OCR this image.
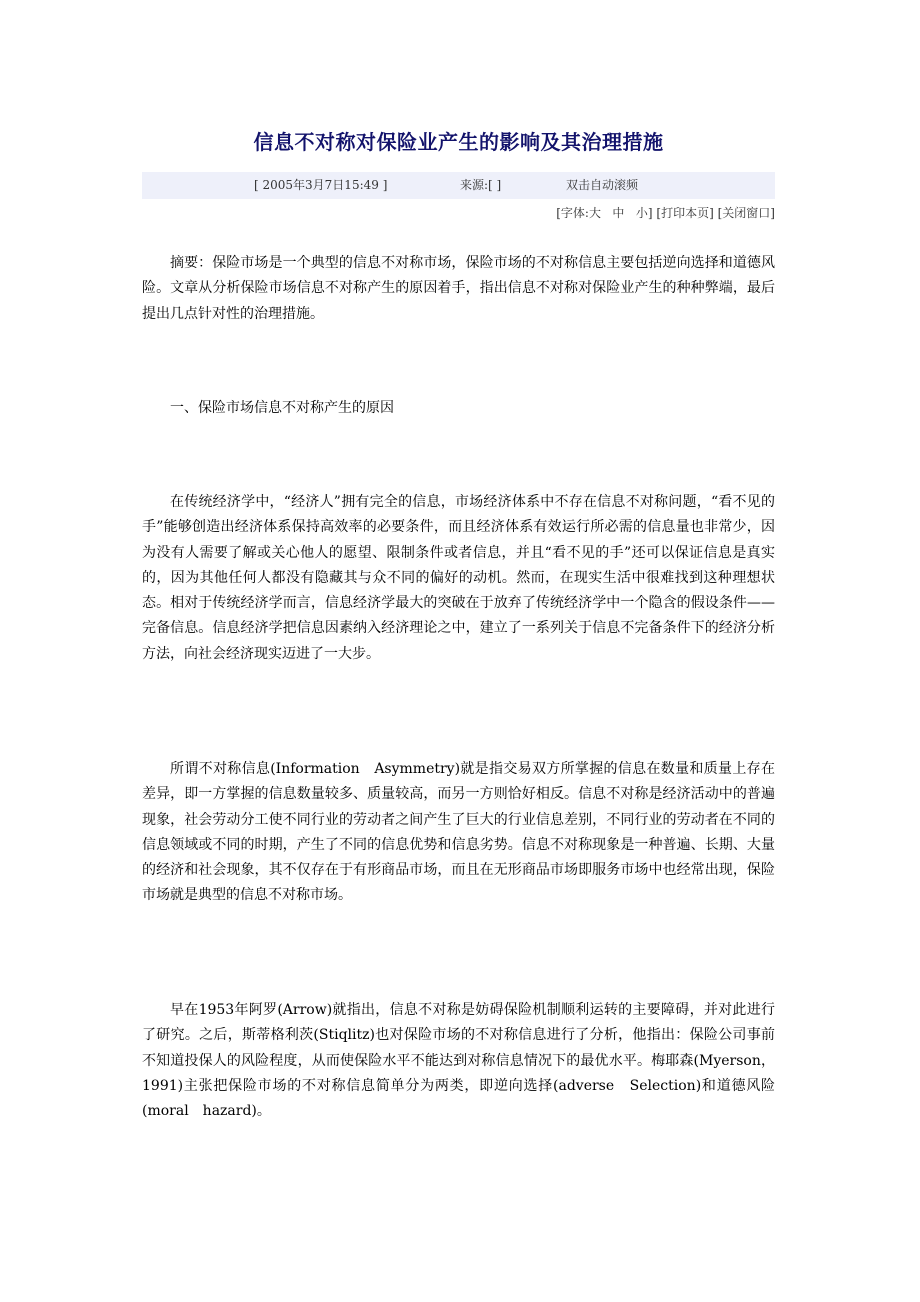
信息不对称对保险业产生的影响及其治理措施
[ 2005年3月7日15:49 ]	来源:[ ]	双击自动滚频
[字体:大 中 小] [打印本页] [关闭窗口]

摘要：保险市场是一个典型的信息不对称市场，保险市场的不对称信息主要包括逆向选择和道德风险。文章从分析保险市场信息不对称产生的原因着手，指出信息不对称对保险业产生的种种弊端，最后提出几点针对性的治理措施。

一、保险市场信息不对称产生的原因

在传统经济学中，“经济人”拥有完全的信息，市场经济体系中不存在信息不对称问题，“看不见的手”能够创造出经济体系保持高效率的必要条件，而且经济体系有效运行所必需的信息量也非常少，因为没有人需要了解或关心他人的愿望、限制条件或者信息，并且“看不见的手”还可以保证信息是真实的，因为其他任何人都没有隐藏其与众不同的偏好的动机。然而，在现实生活中很难找到这种理想状态。相对于传统经济学而言，信息经济学最大的突破在于放弃了传统经济学中一个隐含的假设条件——完备信息。信息经济学把信息因素纳入经济理论之中，建立了一系列关于信息不完备条件下的经济分析方法，向社会经济现实迈进了一大步。

所谓不对称信息(Information　Asymmetry)就是指交易双方所掌握的信息在数量和质量上存在差异，即一方掌握的信息数量较多、质量较高，而另一方则恰好相反。信息不对称是经济活动中的普遍现象，社会劳动分工使不同行业的劳动者之间产生了巨大的行业信息差别，不同行业的劳动者在不同的信息领域或不同的时期，产生了不同的信息优势和信息劣势。信息不对称现象是一种普遍、长期、大量的经济和社会现象，其不仅存在于有形商品市场，而且在无形商品市场即服务市场中也经常出现，保险市场就是典型的信息不对称市场。

早在1953年阿罗(Arrow)就指出，信息不对称是妨碍保险机制顺利运转的主要障碍，并对此进行了研究。之后，斯蒂格利茨(Stiqlitz)也对保险市场的不对称信息进行了分析，他指出：保险公司事前不知道投保人的风险程度，从而使保险水平不能达到对称信息情况下的最优水平。梅耶森(Myerson，1991)主张把保险市场的不对称信息简单分为两类，即逆向选择(adverse　Selection)和道德风险　(moral　hazard)。
